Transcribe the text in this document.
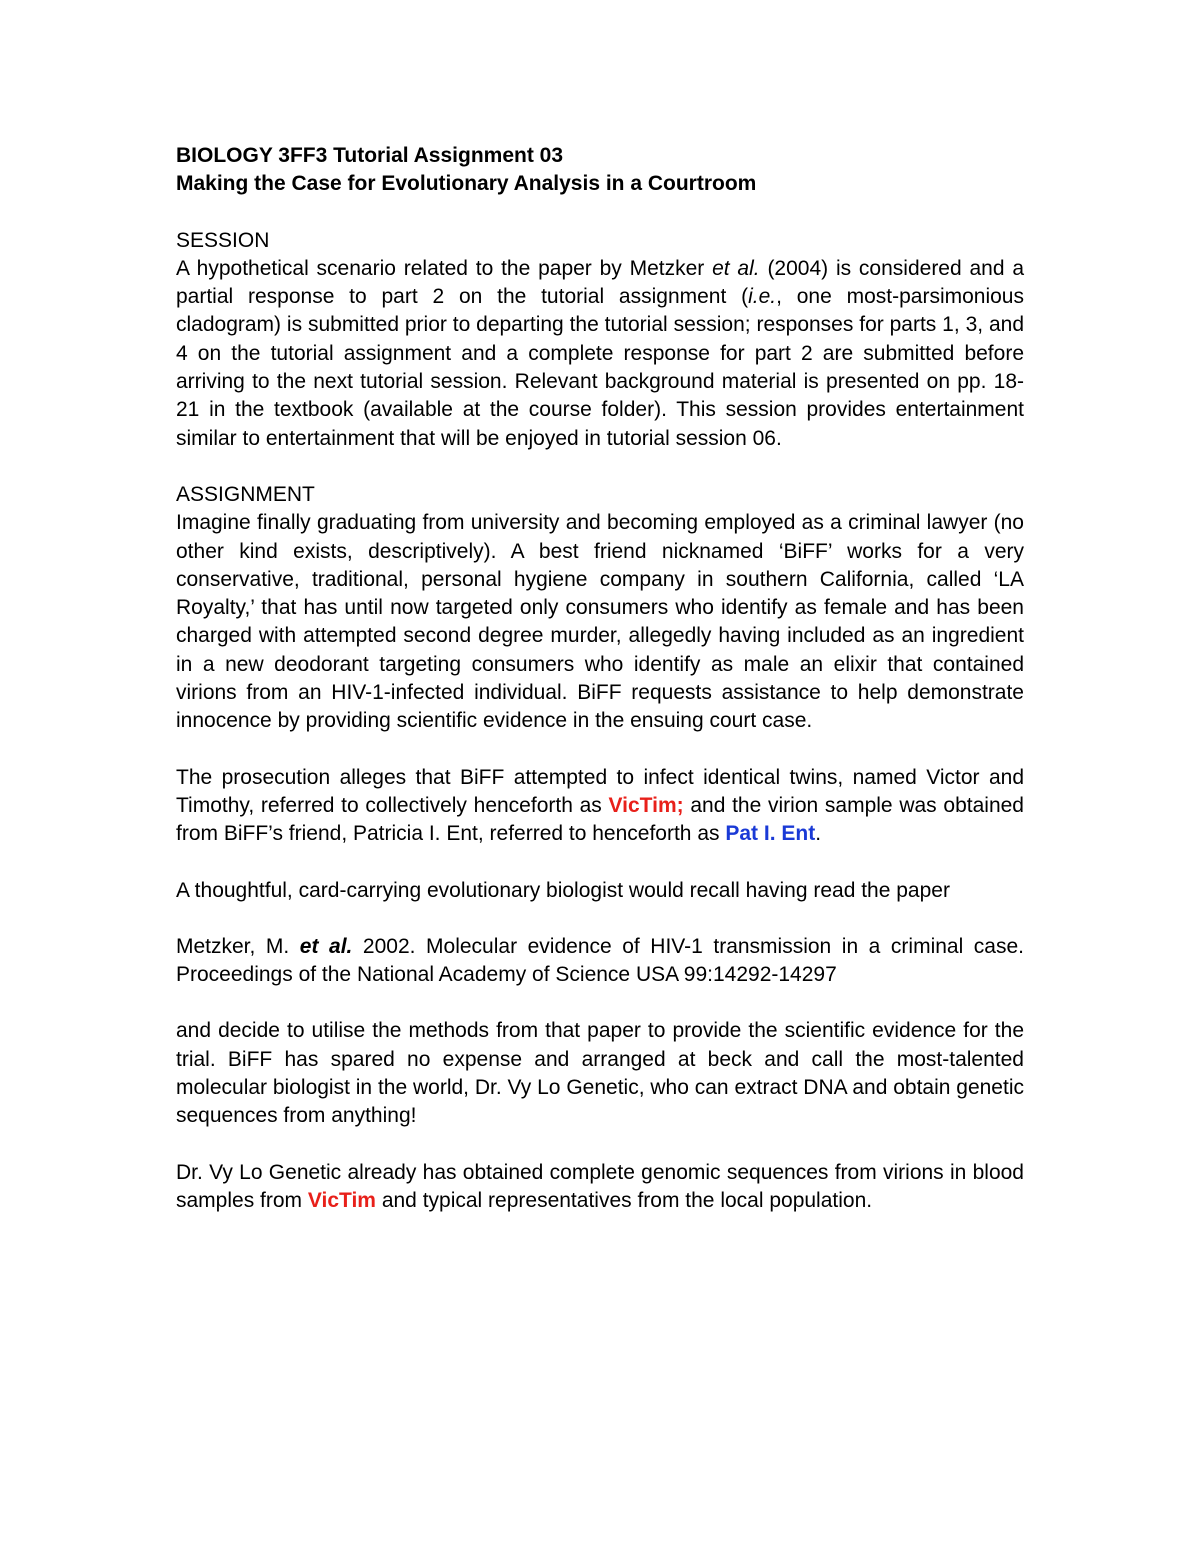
BIOLOGY 3FF3 Tutorial Assignment 03

Making the Case for Evolutionary Analysis in a Courtroom

SESSION

A hypothetical scenario related to the paper by Metzker et al. (2004) is considered and a partial response to part 2 on the tutorial assignment (i.e., one most-parsimonious cladogram) is submitted prior to departing the tutorial session; responses for parts 1, 3, and 4 on the tutorial assignment and a complete response for part 2 are submitted before arriving to the next tutorial session. Relevant background material is presented on pp. 18-21 in the textbook (available at the course folder). This session provides entertainment similar to entertainment that will be enjoyed in tutorial session 06.

ASSIGNMENT

Imagine finally graduating from university and becoming employed as a criminal lawyer (no other kind exists, descriptively). A best friend nicknamed ‘BiFF’ works for a very conservative, traditional, personal hygiene company in southern California, called ‘LA Royalty,’ that has until now targeted only consumers who identify as female and has been charged with attempted second degree murder, allegedly having included as an ingredient in a new deodorant targeting consumers who identify as male an elixir that contained virions from an HIV-1-infected individual. BiFF requests assistance to help demonstrate innocence by providing scientific evidence in the ensuing court case.

The prosecution alleges that BiFF attempted to infect identical twins, named Victor and Timothy, referred to collectively henceforth as VicTim; and the virion sample was obtained from BiFF’s friend, Patricia I. Ent, referred to henceforth as Pat I. Ent.

A thoughtful, card-carrying evolutionary biologist would recall having read the paper

Metzker, M. et al. 2002. Molecular evidence of HIV-1 transmission in a criminal case. Proceedings of the National Academy of Science USA 99:14292-14297

and decide to utilise the methods from that paper to provide the scientific evidence for the trial. BiFF has spared no expense and arranged at beck and call the most-talented molecular biologist in the world, Dr. Vy Lo Genetic, who can extract DNA and obtain genetic sequences from anything!

Dr. Vy Lo Genetic already has obtained complete genomic sequences from virions in blood samples from VicTim and typical representatives from the local population.
